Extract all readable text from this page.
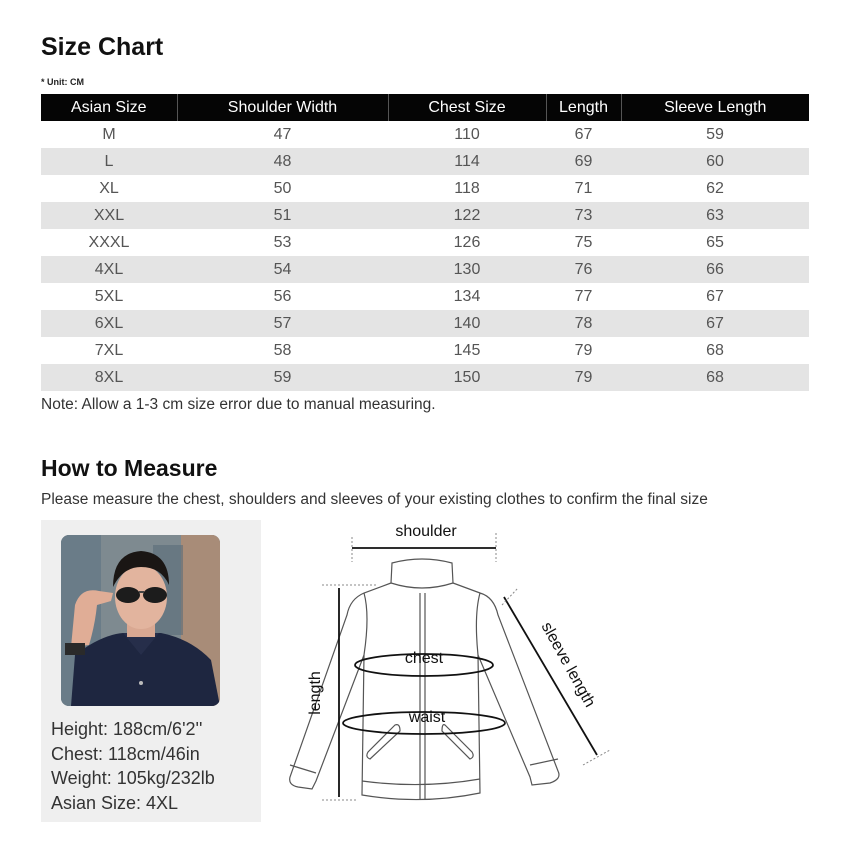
Size Chart
* Unit: CM
Asian Size	Shoulder Width	Chest Size	Length	Sleeve Length
M	47	110	67	59
L	48	114	69	60
XL	50	118	71	62
XXL	51	122	73	63
XXXL	53	126	75	65
4XL	54	130	76	66
5XL	56	134	77	67
6XL	57	140	78	67
7XL	58	145	79	68
8XL	59	150	79	68
Note: Allow a 1-3 cm size error due to manual measuring.
How to Measure
Please measure the chest, shoulders and sleeves of your existing clothes to confirm the final size
Height: 188cm/6'2''
Chest: 118cm/46in
Weight: 105kg/232lb
Asian Size: 4XL
shoulder
chest
waist
length	sleeve length
